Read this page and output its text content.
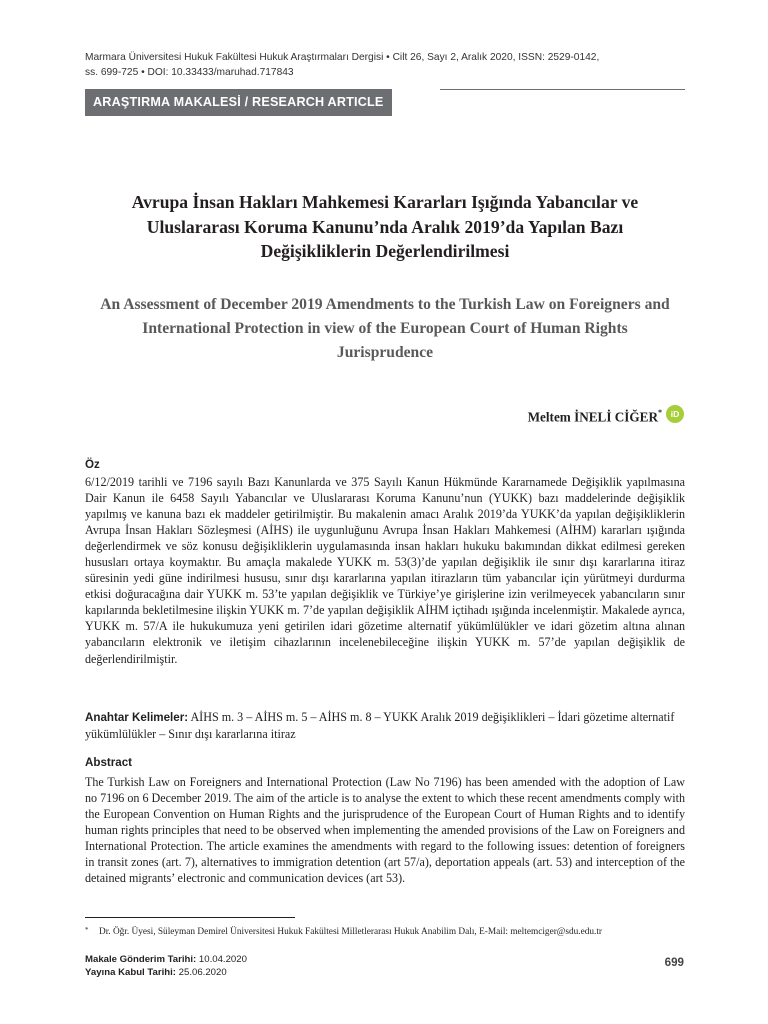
Marmara Üniversitesi Hukuk Fakültesi Hukuk Araştırmaları Dergisi • Cilt 26, Sayı 2, Aralık 2020, ISSN: 2529-0142,
ss. 699-725 • DOI: 10.33433/maruhad.717843
ARAŞTIRMA MAKALESİ / RESEARCH ARTICLE
Avrupa İnsan Hakları Mahkemesi Kararları Işığında Yabancılar ve Uluslararası Koruma Kanunu’nda Aralık 2019’da Yapılan Bazı Değişikliklerin Değerlendirilmesi
An Assessment of December 2019 Amendments to the Turkish Law on Foreigners and International Protection in view of the European Court of Human Rights Jurisprudence
Meltem İNELİ CİĞER*	iD
Öz
6/12/2019 tarihli ve 7196 sayılı Bazı Kanunlarda ve 375 Sayılı Kanun Hükmünde Kararnamede Değişiklik yapılmasına Dair Kanun ile 6458 Sayılı Yabancılar ve Uluslararası Koruma Kanunu’nun (YUKK) bazı maddelerinde değişiklik yapılmış ve kanuna bazı ek maddeler getirilmiştir. Bu makalenin amacı Aralık 2019’da YUKK’da yapılan değişikliklerin Avrupa İnsan Hakları Sözleşmesi (AİHS) ile uygunluğunu Avrupa İnsan Hakları Mahkemesi (AİHM) kararları ışığında değerlendirmek ve söz konusu değişikliklerin uygulamasında insan hakları hukuku bakımından dikkat edilmesi gereken hususları ortaya koymaktır. Bu amaçla makalede YUKK m. 53(3)’de yapılan değişiklik ile sınır dışı kararlarına itiraz süresinin yedi güne indirilmesi hususu, sınır dışı kararlarına yapılan itirazların tüm yabancılar için yürütmeyi durdurma etkisi doğuracağına dair YUKK m. 53’te yapılan değişiklik ve Türkiye’ye girişlerine izin verilmeyecek yabancıların sınır kapılarında bekletilmesine ilişkin YUKK m. 7’de yapılan değişiklik AİHM içtihadı ışığında incelenmiştir. Makalede ayrıca, YUKK m. 57/A ile hukukumuza yeni getirilen idari gözetime alternatif yükümlülükler ve idari gözetim altına alınan yabancıların elektronik ve iletişim cihazlarının incelenebileceğine ilişkin YUKK m. 57’de yapılan değişiklik de değerlendirilmiştir.
Anahtar Kelimeler: AİHS m. 3 – AİHS m. 5 – AİHS m. 8 – YUKK Aralık 2019 değişiklikleri – İdari gözetime alternatif yükümlülükler – Sınır dışı kararlarına itiraz
Abstract
The Turkish Law on Foreigners and International Protection (Law No 7196) has been amended with the adoption of Law no 7196 on 6 December 2019. The aim of the article is to analyse the extent to which these recent amendments comply with the European Convention on Human Rights and the jurisprudence of the European Court of Human Rights and to identify human rights principles that need to be observed when implementing the amended provisions of the Law on Foreigners and International Protection. The article examines the amendments with regard to the following issues: detention of foreigners in transit zones (art. 7), alternatives to immigration detention (art 57/a), deportation appeals (art. 53) and interception of the detained migrants’ electronic and communication devices (art 53).
* Dr. Öğr. Üyesi, Süleyman Demirel Üniversitesi Hukuk Fakültesi Milletlerarası Hukuk Anabilim Dalı, E-Mail: meltemciger@sdu.edu.tr
Makale Gönderim Tarihi: 10.04.2020
Yayına Kabul Tarihi: 25.06.2020
699
